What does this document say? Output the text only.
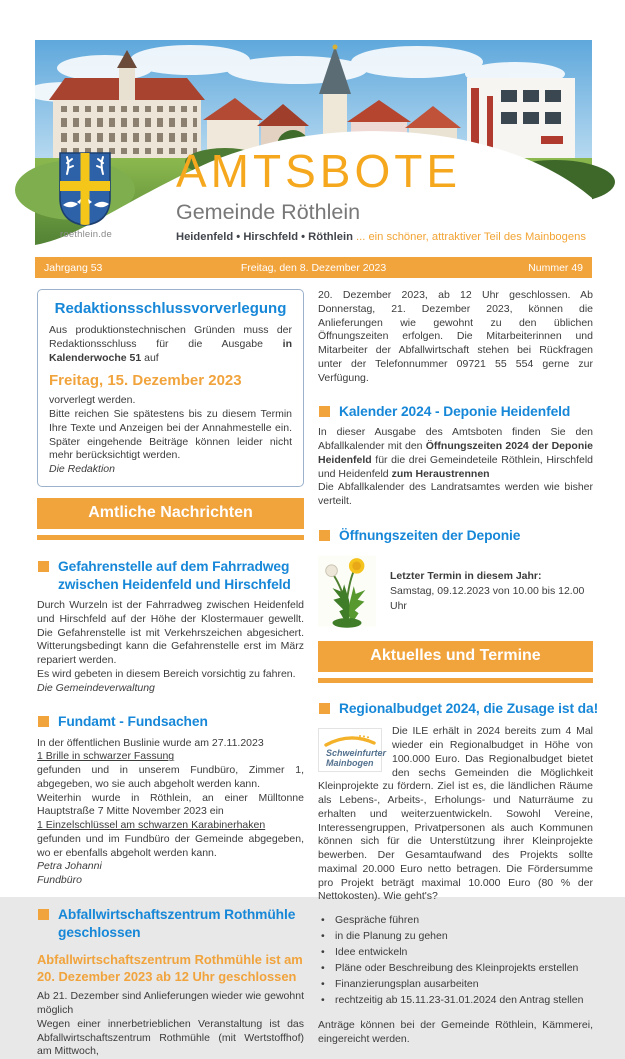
roethlein.de
AMTSBOTE
Gemeinde Röthlein
Heidenfeld • Hirschfeld • Röthlein ... ein schöner, attraktiver Teil des Mainbogens
Jahrgang 53	Freitag, den 8. Dezember 2023	Nummer 49
Redaktionsschlussvorverlegung

Aus produktionstechnischen Gründen muss der Redaktionsschluss für die Ausgabe in Kalenderwoche 51 auf

Freitag, 15. Dezember 2023

vorverlegt werden.

Bitte reichen Sie spätestens bis zu diesem Termin Ihre Texte und Anzeigen bei der Annahmestelle ein. Später eingehende Beiträge können leider nicht mehr berücksichtigt werden.

Die Redaktion

Amtliche Nachrichten
Gefahrenstelle auf dem Fahrradweg
zwischen Heidenfeld und Hirschfeld

Durch Wurzeln ist der Fahrradweg zwischen Heidenfeld und Hirschfeld auf der Höhe der Klostermauer gewellt. Die Gefahrenstelle ist mit Verkehrszeichen abgesichert. Witterungsbedingt kann die Gefahrenstelle erst im März repariert werden.
Es wird gebeten in diesem Bereich vorsichtig zu fahren.
Die Gemeindeverwaltung

Fundamt - Fundsachen

In der öffentlichen Buslinie wurde am 27.11.2023
1 Brille in schwarzer Fassung
gefunden und in unserem Fundbüro, Zimmer 1, abgegeben, wo sie auch abgeholt werden kann.
Weiterhin wurde in Röthlein, an einer Mülltonne Hauptstraße 7 Mitte November 2023 ein
1 Einzelschlüssel am schwarzen Karabinerhaken
gefunden und im Fundbüro der Gemeinde abgegeben, wo er ebenfalls abgeholt werden kann.
Petra Johanni
Fundbüro

Abfallwirtschaftszentrum Rothmühle
geschlossen
Abfallwirtschaftszentrum Rothmühle ist am
20. Dezember 2023 ab 12 Uhr geschlossen

Ab 21. Dezember sind Anlieferungen wieder wie gewohnt möglich
Wegen einer innerbetrieblichen Veranstaltung ist das Abfallwirtschaftszentrum Rothmühle (mit Wertstoffhof) am Mittwoch,

20. Dezember 2023, ab 12 Uhr geschlossen. Ab Donnerstag, 21. Dezember 2023, können die Anlieferungen wie gewohnt zu den üblichen Öffnungszeiten erfolgen. Die Mitarbeiterinnen und Mitarbeiter der Abfallwirtschaft stehen bei Rückfragen unter der Telefonnummer 09721 55 554 gerne zur Verfügung.

Kalender 2024 - Deponie Heidenfeld

In dieser Ausgabe des Amtsboten finden Sie den Abfallkalender mit den Öffnungszeiten 2024 der Deponie Heidenfeld für die drei Gemeindeteile Röthlein, Hirschfeld und Heidenfeld zum Heraustrennen
Die Abfallkalender des Landratsamtes werden wie bisher verteilt.

Öffnungszeiten der Deponie
Letzter Termin in diesem Jahr:
Samstag, 09.12.2023 von 10.00 bis 12.00 Uhr
Aktuelles und Termine
Regionalbudget 2024, die Zusage ist da!

Schweinfurter
Mainbogen
Die ILE erhält in 2024 bereits zum 4 Mal wieder ein Regionalbudget in Höhe von 100.000 Euro. Das Regionalbudget bietet den sechs Gemeinden die Möglichkeit Kleinprojekte zu fördern. Ziel ist es, die ländlichen Räume als Lebens-, Arbeits-, Erholungs- und Naturräume zu erhalten und weiterzuentwickeln. Sowohl Vereine, Interessengruppen, Privatpersonen als auch Kommunen können sich für die Unterstützung ihrer Kleinprojekte bewerben. Der Gesamtaufwand des Projekts sollte maximal 20.000 Euro netto betragen. Die Fördersumme pro Projekt beträgt maximal 10.000 Euro (80 % der Nettokosten). Wie geht's?

• Gespräche führen
• in die Planung zu gehen
• Idee entwickeln
• Pläne oder Beschreibung des Kleinprojekts erstellen
• Finanzierungsplan ausarbeiten
• rechtzeitig ab 15.11.23-31.01.2024 den Antrag stellen

Anträge können bei der Gemeinde Röthlein, Kämmerei, eingereicht werden.
